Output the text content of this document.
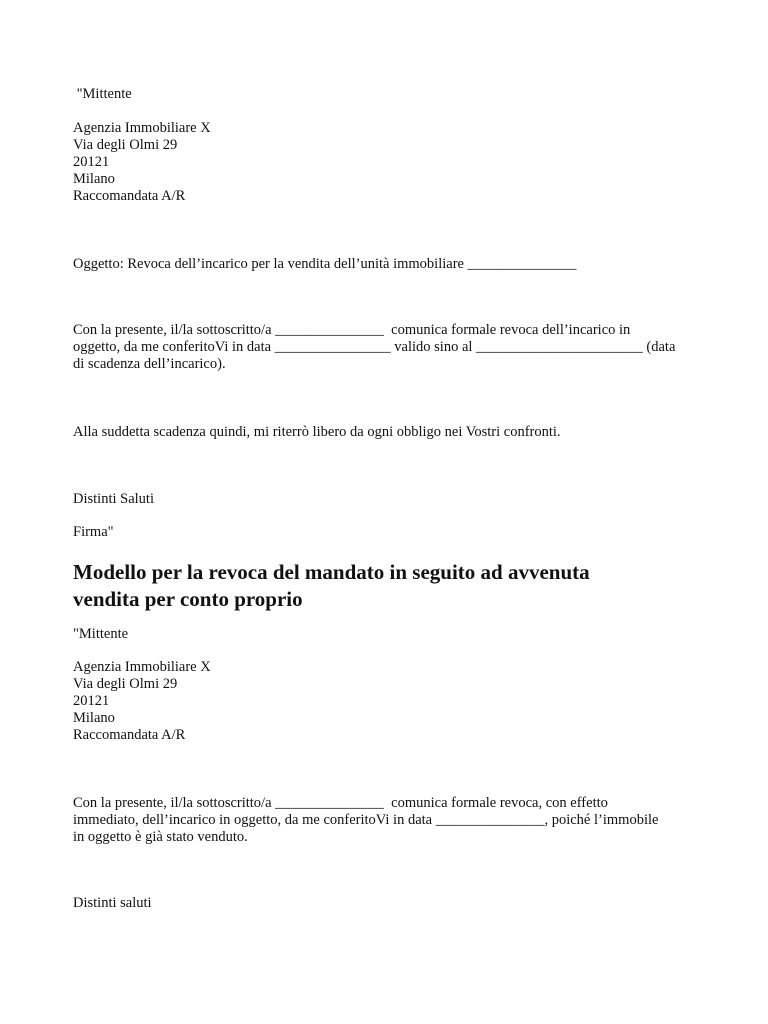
"Mittente

Agenzia Immobiliare X
Via degli Olmi 29
20121
Milano
Raccomandata A/R

Oggetto: Revoca dell’incarico per la vendita dell’unità immobiliare _______________

Con la presente, il/la sottoscritto/a _______________  comunica formale revoca dell’incarico in
oggetto, da me conferitoVi in data ________________ valido sino al _______________________ (data
di scadenza dell’incarico).

Alla suddetta scadenza quindi, mi riterrò libero da ogni obbligo nei Vostri confronti.

Distinti Saluti

Firma"

Modello per la revoca del mandato in seguito ad avvenuta
vendita per conto proprio

"Mittente

Agenzia Immobiliare X
Via degli Olmi 29
20121
Milano
Raccomandata A/R
Con la presente, il/la sottoscritto/a _______________  comunica formale revoca, con effetto
immediato, dell’incarico in oggetto, da me conferitoVi in data _______________, poiché l’immobile
in oggetto è già stato venduto.

Distinti saluti
